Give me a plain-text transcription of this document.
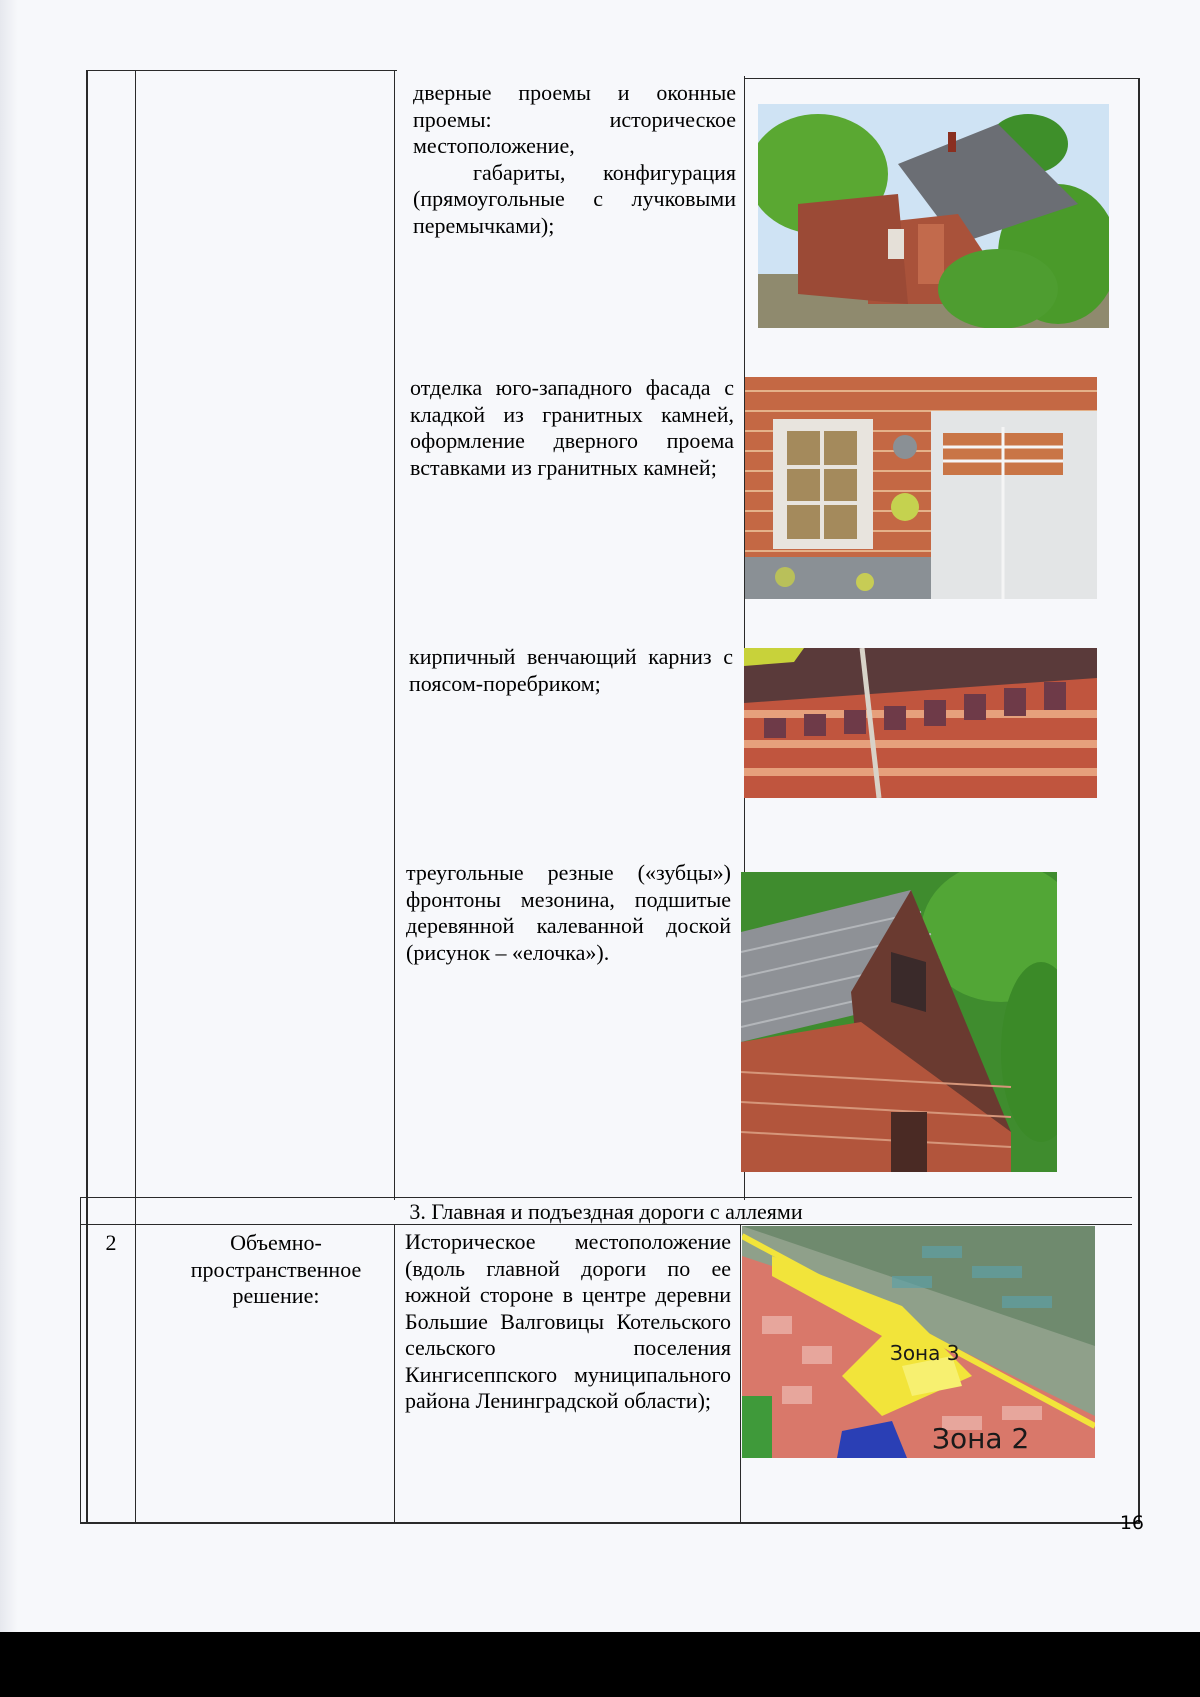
дверные проемы и оконные проемы: историческое местоположение,

габариты, конфигурация (прямоугольные с лучковыми перемычками);

отделка юго-западного фасада с кладкой из гранитных камней, оформление дверного проема вставками из гранитных камней;

кирпичный венчающий карниз с поясом-поребриком;

треугольные резные («зубцы») фронтоны мезонина, подшитые деревянной калеванной доской (рисунок – «елочка»).

3. Главная и подъездная дороги с аллеями
2	Объемно-пространственное решение:
Историческое местоположение (вдоль главной дороги по ее южной стороне в центре деревни Большие Валговицы Котельского сельского поселения Кингисеппского муниципального района Ленинградской области);
Зона 3
Зона 2
16
